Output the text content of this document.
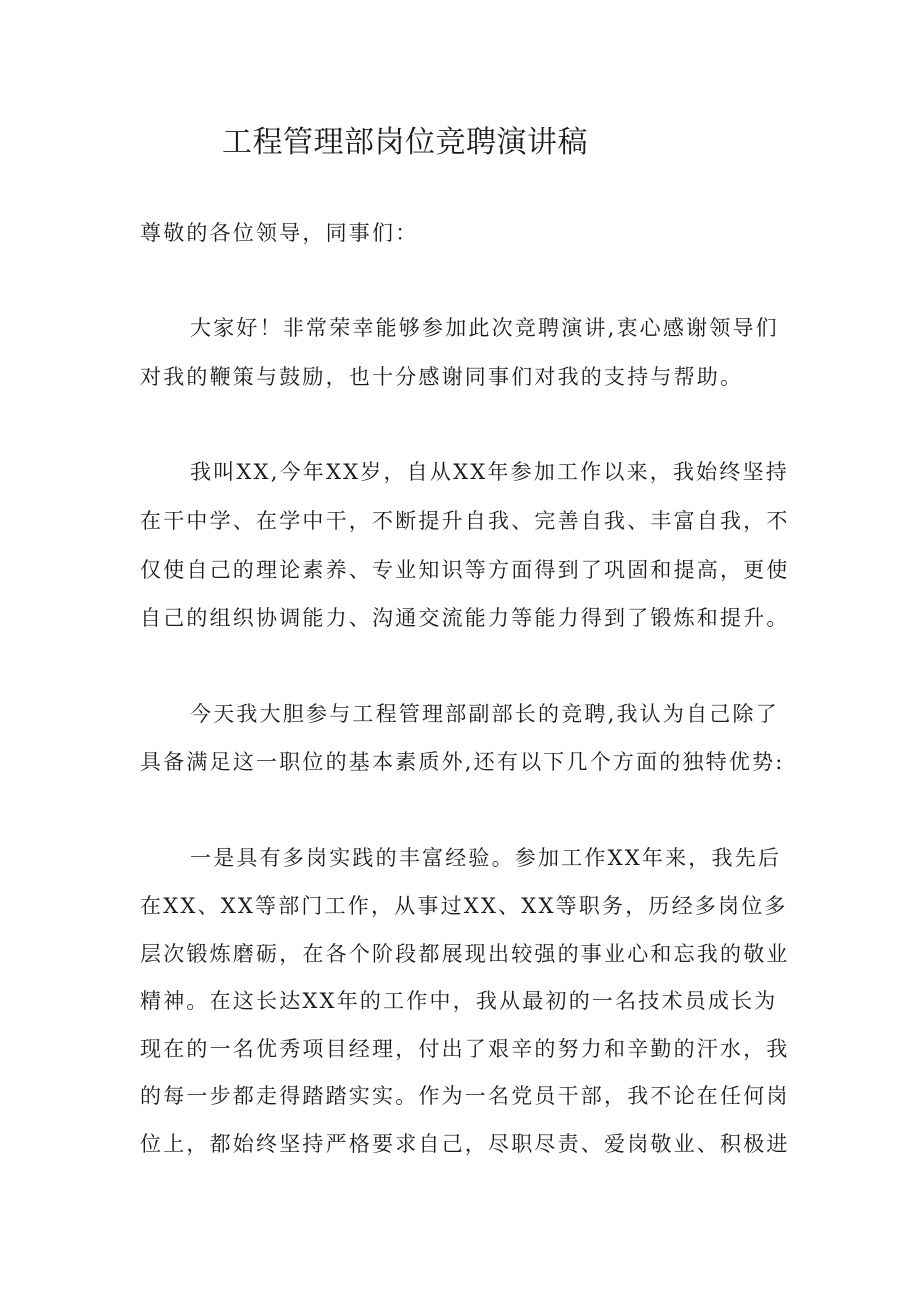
工程管理部岗位竞聘演讲稿

尊敬的各位领导，同事们：

大家好！非常荣幸能够参加此次竞聘演讲,衷心感谢领导们

对我的鞭策与鼓励，也十分感谢同事们对我的支持与帮助。

我叫XX,今年XX岁，自从XX年参加工作以来，我始终坚持

在干中学、在学中干，不断提升自我、完善自我、丰富自我，不

仅使自己的理论素养、专业知识等方面得到了巩固和提高，更使

自己的组织协调能力、沟通交流能力等能力得到了锻炼和提升。

今天我大胆参与工程管理部副部长的竞聘,我认为自己除了

具备满足这一职位的基本素质外,还有以下几个方面的独特优势:

一是具有多岗实践的丰富经验。参加工作XX年来，我先后

在XX、XX等部门工作，从事过XX、XX等职务，历经多岗位多

层次锻炼磨砺，在各个阶段都展现出较强的事业心和忘我的敬业

精神。在这长达XX年的工作中，我从最初的一名技术员成长为

现在的一名优秀项目经理，付出了艰辛的努力和辛勤的汗水，我

的每一步都走得踏踏实实。作为一名党员干部，我不论在任何岗

位上，都始终坚持严格要求自己，尽职尽责、爱岗敬业、积极进
